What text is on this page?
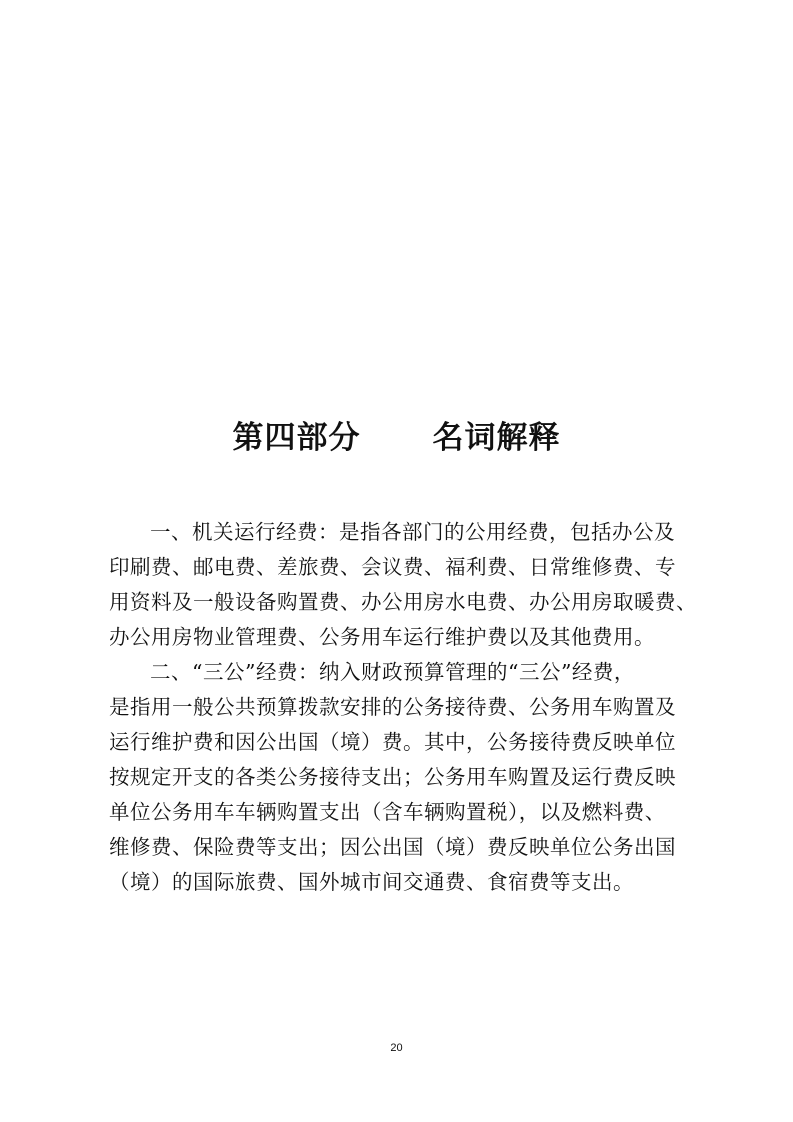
第四部分 名词解释
一、机关运行经费：是指各部门的公用经费，包括办公及
印刷费、邮电费、差旅费、会议费、福利费、日常维修费、专
用资料及一般设备购置费、办公用房水电费、办公用房取暖费、
办公用房物业管理费、公务用车运行维护费以及其他费用。
二、“三公”经费：纳入财政预算管理的“三公”经费，
是指用一般公共预算拨款安排的公务接待费、公务用车购置及
运行维护费和因公出国（境）费。其中，公务接待费反映单位
按规定开支的各类公务接待支出；公务用车购置及运行费反映
单位公务用车车辆购置支出（含车辆购置税），以及燃料费、
维修费、保险费等支出；因公出国（境）费反映单位公务出国
（境）的国际旅费、国外城市间交通费、食宿费等支出。
20
